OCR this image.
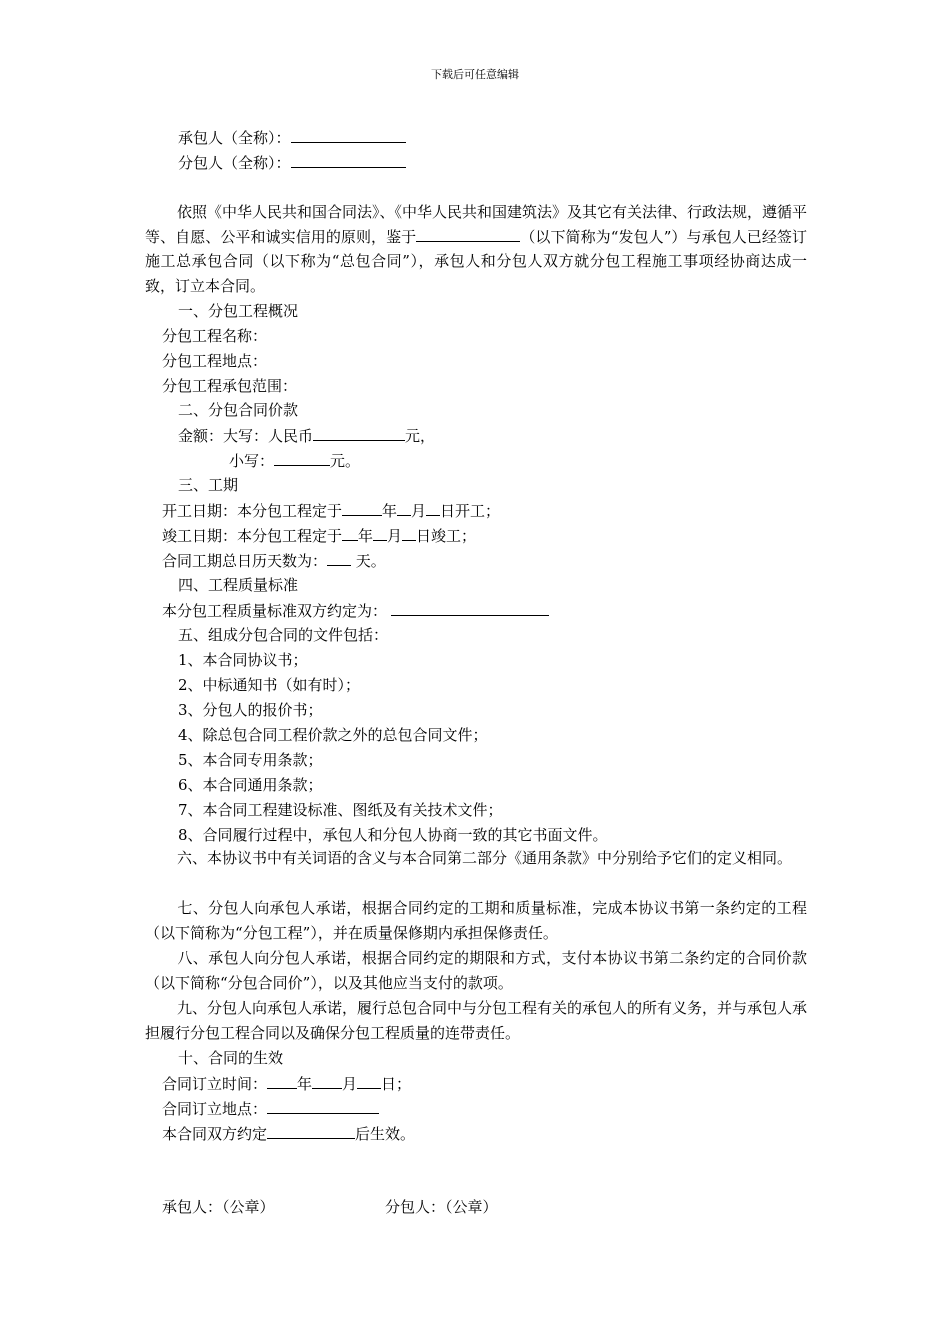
下载后可任意编辑
承包人（全称）：
分包人（全称）：
依照《中华人民共和国合同法》、《中华人民共和国建筑法》及其它有关法律、行政法规，遵循平等、自愿、公平和诚实信用的原则，鉴于	（以下简称为“发包人”）与承包人已经签订施工总承包合同（以下称为“总包合同”），承包人和分包人双方就分包工程施工事项经协商达成一致，订立本合同。
一、分包工程概况
分包工程名称：
分包工程地点：
分包工程承包范围：
二、分包合同价款
金额：大写：人民币	元，
小写：	元。
三、工期
开工日期：本分包工程定于	年 月 日开工；
竣工日期：本分包工程定于 年 月 日竣工；
合同工期总日历天数为： 天。
四、工程质量标准
本分包工程质量标准双方约定为：
五、组成分包合同的文件包括：
1、本合同协议书；
2、中标通知书（如有时）；
3、分包人的报价书；
4、除总包合同工程价款之外的总包合同文件；
5、本合同专用条款；
6、本合同通用条款；
7、本合同工程建设标准、图纸及有关技术文件；
8、合同履行过程中，承包人和分包人协商一致的其它书面文件。
六、本协议书中有关词语的含义与本合同第二部分《通用条款》中分别给予它们的定义相同。
七、分包人向承包人承诺，根据合同约定的工期和质量标准，完成本协议书第一条约定的工程（以下简称为“分包工程”），并在质量保修期内承担保修责任。
八、承包人向分包人承诺，根据合同约定的期限和方式，支付本协议书第二条约定的合同价款（以下简称“分包合同价”），以及其他应当支付的款项。
九、分包人向承包人承诺，履行总包合同中与分包工程有关的承包人的所有义务，并与承包人承担履行分包工程合同以及确保分包工程质量的连带责任。
十、合同的生效
合同订立时间： 年 月 日；
合同订立地点：
本合同双方约定	后生效。
承包人：（公章）	分包人：（公章）
